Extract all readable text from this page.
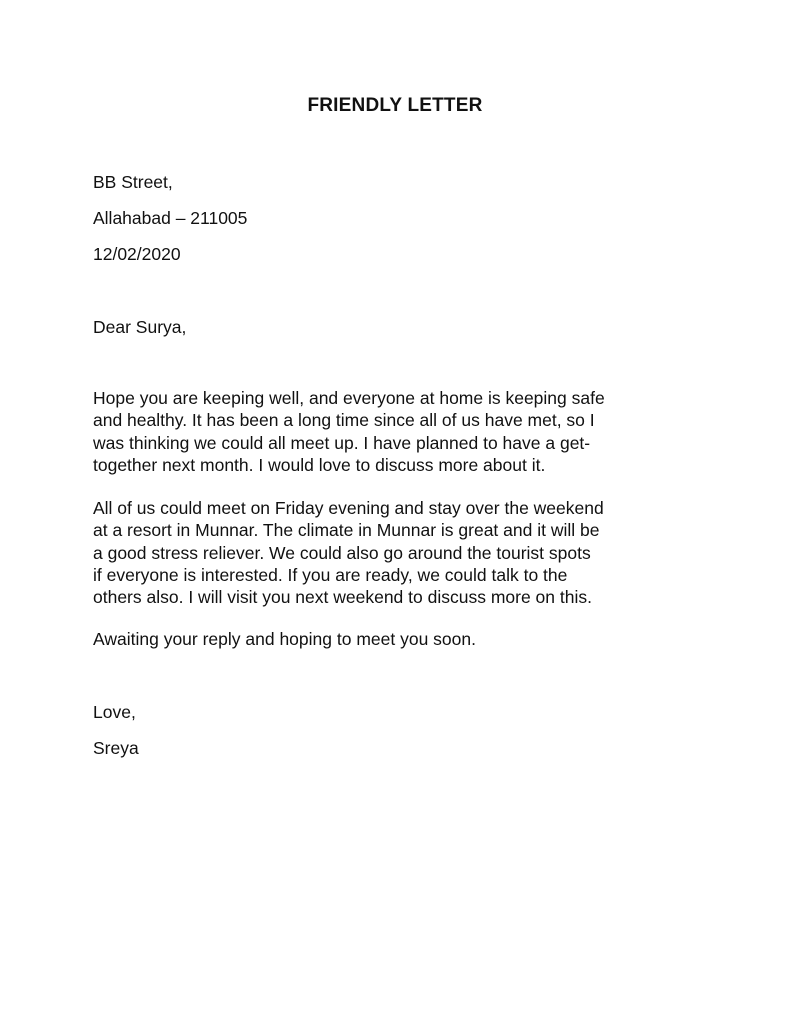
FRIENDLY LETTER
BB Street,
Allahabad – 211005
12/02/2020
Dear Surya,
Hope you are keeping well, and everyone at home is keeping safe
and healthy. It has been a long time since all of us have met, so I
was thinking we could all meet up. I have planned to have a get-
together next month. I would love to discuss more about it.
All of us could meet on Friday evening and stay over the weekend
at a resort in Munnar. The climate in Munnar is great and it will be
a good stress reliever. We could also go around the tourist spots
if everyone is interested. If you are ready, we could talk to the
others also. I will visit you next weekend to discuss more on this.
Awaiting your reply and hoping to meet you soon.
Love,
Sreya
